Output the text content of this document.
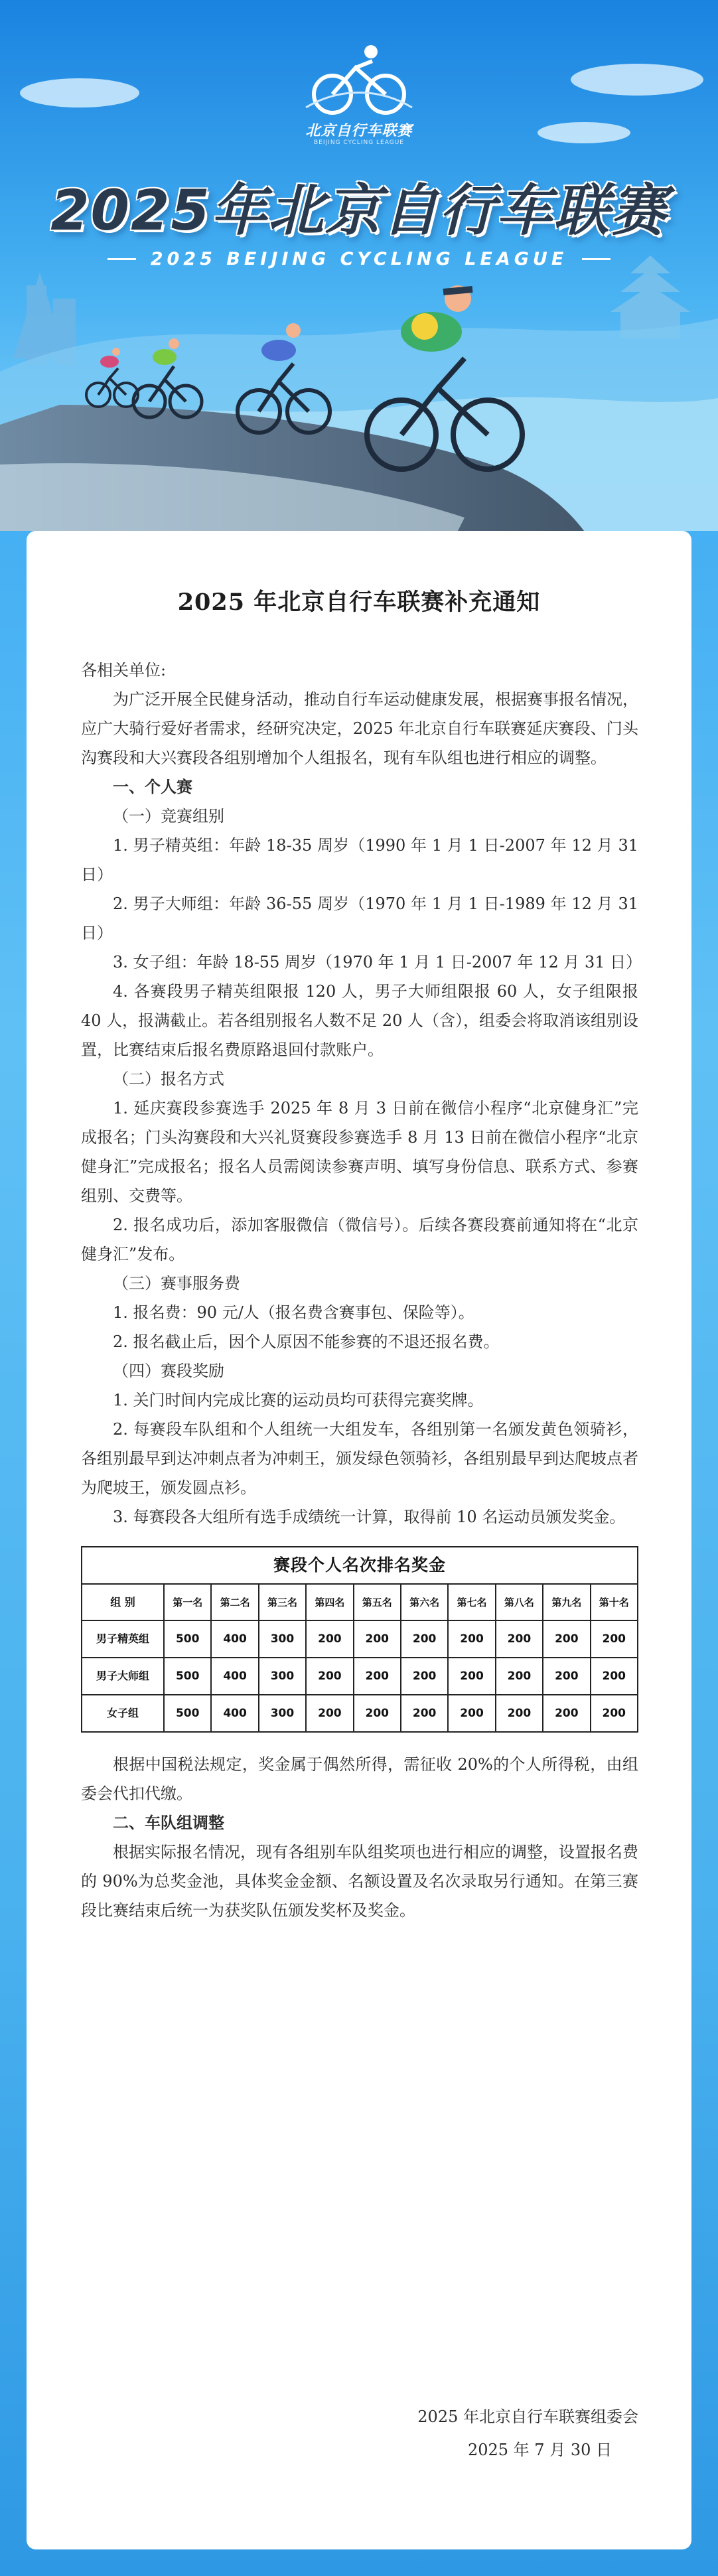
北京自行车联赛
BEIJING CYCLING LEAGUE
2025年北京自行车联赛
2025 BEIJING CYCLING LEAGUE
2025 年北京自行车联赛补充通知

各相关单位:

为广泛开展全民健身活动，推动自行车运动健康发展，根据赛事报名情况，应广大骑行爱好者需求，经研究决定，2025 年北京自行车联赛延庆赛段、门头沟赛段和大兴赛段各组别增加个人组报名，现有车队组也进行相应的调整。

一、个人赛

（一）竞赛组别

1. 男子精英组：年龄 18-35 周岁（1990 年 1 月 1 日-2007 年 12 月 31 日）

2. 男子大师组：年龄 36-55 周岁（1970 年 1 月 1 日-1989 年 12 月 31 日）

3. 女子组：年龄 18-55 周岁（1970 年 1 月 1 日-2007 年 12 月 31 日）

4. 各赛段男子精英组限报 120 人，男子大师组限报 60 人，女子组限报 40 人，报满截止。若各组别报名人数不足 20 人（含），组委会将取消该组别设置，比赛结束后报名费原路退回付款账户。

（二）报名方式

1. 延庆赛段参赛选手 2025 年 8 月 3 日前在微信小程序“北京健身汇”完成报名；门头沟赛段和大兴礼贤赛段参赛选手 8 月 13 日前在微信小程序“北京健身汇”完成报名；报名人员需阅读参赛声明、填写身份信息、联系方式、参赛组别、交费等。

2. 报名成功后，添加客服微信（微信号）。后续各赛段赛前通知将在“北京健身汇”发布。

（三）赛事服务费

1. 报名费：90 元/人（报名费含赛事包、保险等）。

2. 报名截止后，因个人原因不能参赛的不退还报名费。

（四）赛段奖励

1. 关门时间内完成比赛的运动员均可获得完赛奖牌。

2. 每赛段车队组和个人组统一大组发车，各组别第一名颁发黄色领骑衫，各组别最早到达冲刺点者为冲刺王，颁发绿色领骑衫，各组别最早到达爬坡点者为爬坡王，颁发圆点衫。

3. 每赛段各大组所有选手成绩统一计算，取得前 10 名运动员颁发奖金。

赛段个人名次排名奖金										
组 别	第一名	第二名	第三名	第四名	第五名	第六名	第七名	第八名	第九名	第十名
男子精英组	500	400	300	200	200	200	200	200	200	200
男子大师组	500	400	300	200	200	200	200	200	200	200
女子组	500	400	300	200	200	200	200	200	200	200

根据中国税法规定，奖金属于偶然所得，需征收 20%的个人所得税，由组委会代扣代缴。

二、车队组调整

根据实际报名情况，现有各组别车队组奖项也进行相应的调整，设置报名费的 90%为总奖金池，具体奖金金额、名额设置及名次录取另行通知。在第三赛段比赛结束后统一为获奖队伍颁发奖杯及奖金。

2025 年北京自行车联赛组委会
2025 年 7 月 30 日
